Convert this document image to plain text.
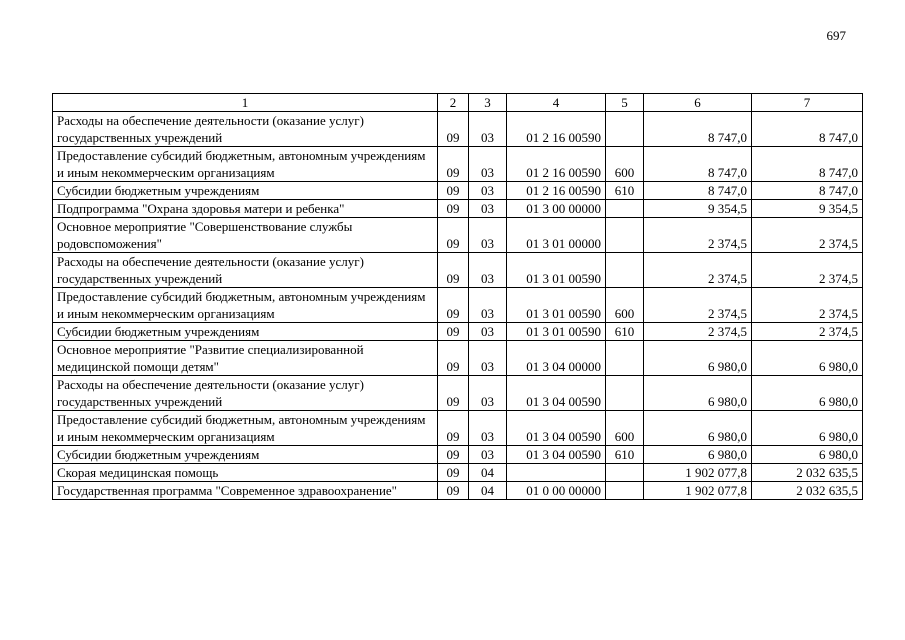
697
1	2	3	4	5	6	7
Расходы на обеспечение деятельности (оказание услуг) государственных учреждений	09	03	01 2 16 00590		8 747,0	8 747,0
Предоставление субсидий бюджетным, автономным учреждениям и иным некоммерческим организациям	09	03	01 2 16 00590	600	8 747,0	8 747,0
Субсидии бюджетным учреждениям	09	03	01 2 16 00590	610	8 747,0	8 747,0
Подпрограмма "Охрана здоровья матери и ребенка"	09	03	01 3 00 00000		9 354,5	9 354,5
Основное мероприятие "Совершенствование службы родовспоможения"	09	03	01 3 01 00000		2 374,5	2 374,5
Расходы на обеспечение деятельности (оказание услуг) государственных учреждений	09	03	01 3 01 00590		2 374,5	2 374,5
Предоставление субсидий бюджетным, автономным учреждениям и иным некоммерческим организациям	09	03	01 3 01 00590	600	2 374,5	2 374,5
Субсидии бюджетным учреждениям	09	03	01 3 01 00590	610	2 374,5	2 374,5
Основное мероприятие "Развитие специализированной медицинской помощи детям"	09	03	01 3 04 00000		6 980,0	6 980,0
Расходы на обеспечение деятельности (оказание услуг) государственных учреждений	09	03	01 3 04 00590		6 980,0	6 980,0
Предоставление субсидий бюджетным, автономным учреждениям и иным некоммерческим организациям	09	03	01 3 04 00590	600	6 980,0	6 980,0
Субсидии бюджетным учреждениям	09	03	01 3 04 00590	610	6 980,0	6 980,0
Скорая медицинская помощь	09	04			1 902 077,8	2 032 635,5
Государственная программа "Современное здравоохранение"	09	04	01 0 00 00000		1 902 077,8	2 032 635,5
